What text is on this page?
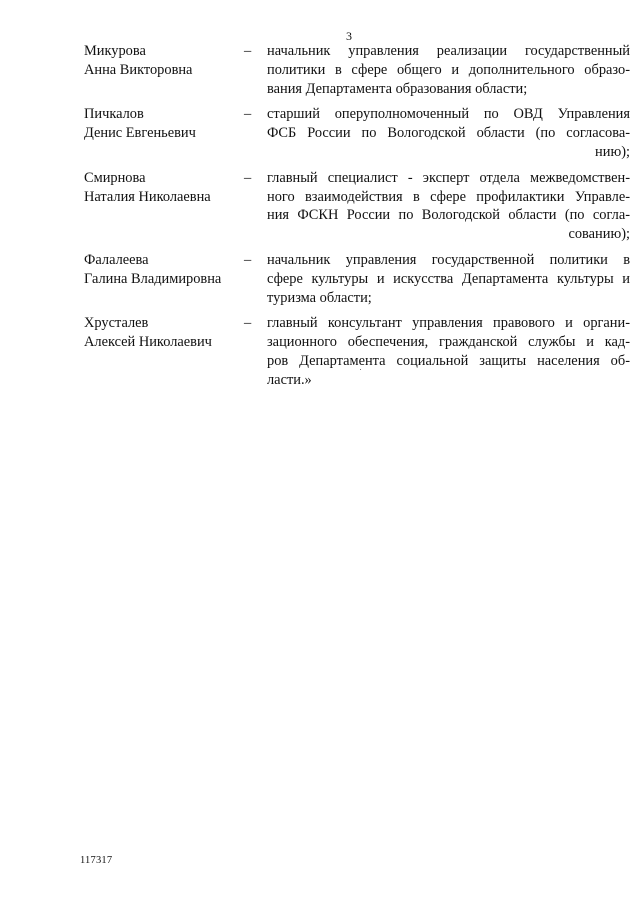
3
Микурова
Анна Викторовна
–	начальник управления реализации государственный
политики в сфере общего и дополнительного образо-
вания Департамента образования области;
Пичкалов
Денис Евгеньевич
–	старший оперуполномоченный по ОВД Управления
ФСБ России по Вологодской области (по согласова-
нию);
Смирнова
Наталия Николаевна
–	главный специалист - эксперт отдела межведомствен-
ного взаимодействия в сфере профилактики Управле-
ния ФСКН России по Вологодской области (по согла-
сованию);
Фалалеева
Галина Владимировна
–	начальник управления государственной политики в
сфере культуры и искусства Департамента культуры и
туризма области;
Хрусталев
Алексей Николаевич
–	главный консультант управления правового и органи-
зационного обеспечения, гражданской службы и кад-
ров Департамента социальной защиты населения об-
ласти.»
117317
